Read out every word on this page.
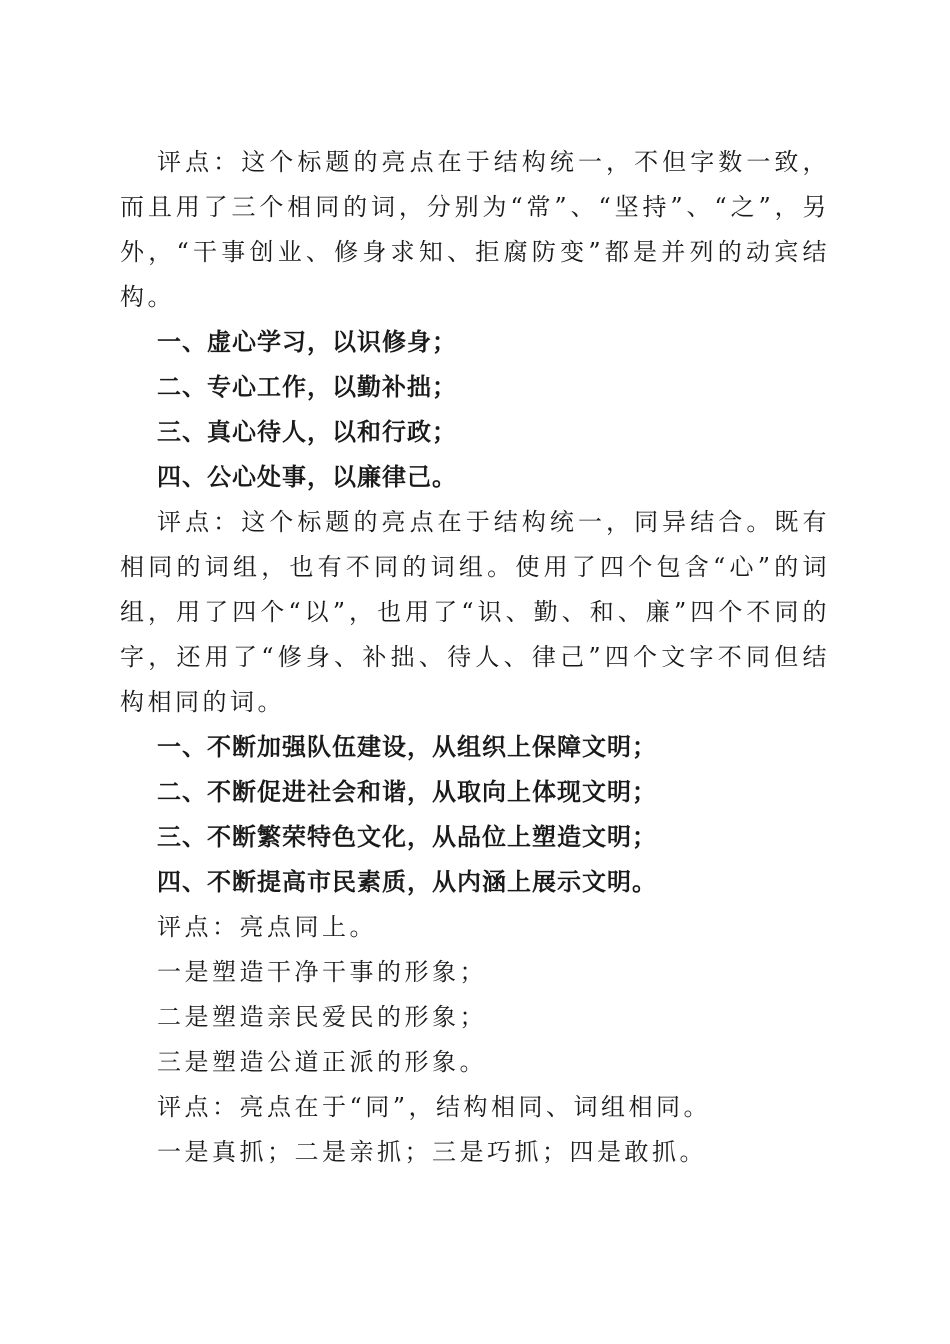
评点：这个标题的亮点在于结构统一，不但字数一致，而且用了三个相同的词，分别为“常”、“坚持”、“之”，另外，“干事创业、修身求知、拒腐防变”都是并列的动宾结构。

一、虚心学习，以识修身；

二、专心工作，以勤补拙；

三、真心待人，以和行政；

四、公心处事，以廉律己。

评点：这个标题的亮点在于结构统一，同异结合。既有相同的词组，也有不同的词组。使用了四个包含“心”的词组，用了四个“以”，也用了“识、勤、和、廉”四个不同的字，还用了“修身、补拙、待人、律己”四个文字不同但结构相同的词。

一、不断加强队伍建设，从组织上保障文明；

二、不断促进社会和谐，从取向上体现文明；

三、不断繁荣特色文化，从品位上塑造文明；

四、不断提高市民素质，从内涵上展示文明。

评点：亮点同上。

一是塑造干净干事的形象；

二是塑造亲民爱民的形象；

三是塑造公道正派的形象。

评点：亮点在于“同”，结构相同、词组相同。

一是真抓；二是亲抓；三是巧抓；四是敢抓。
